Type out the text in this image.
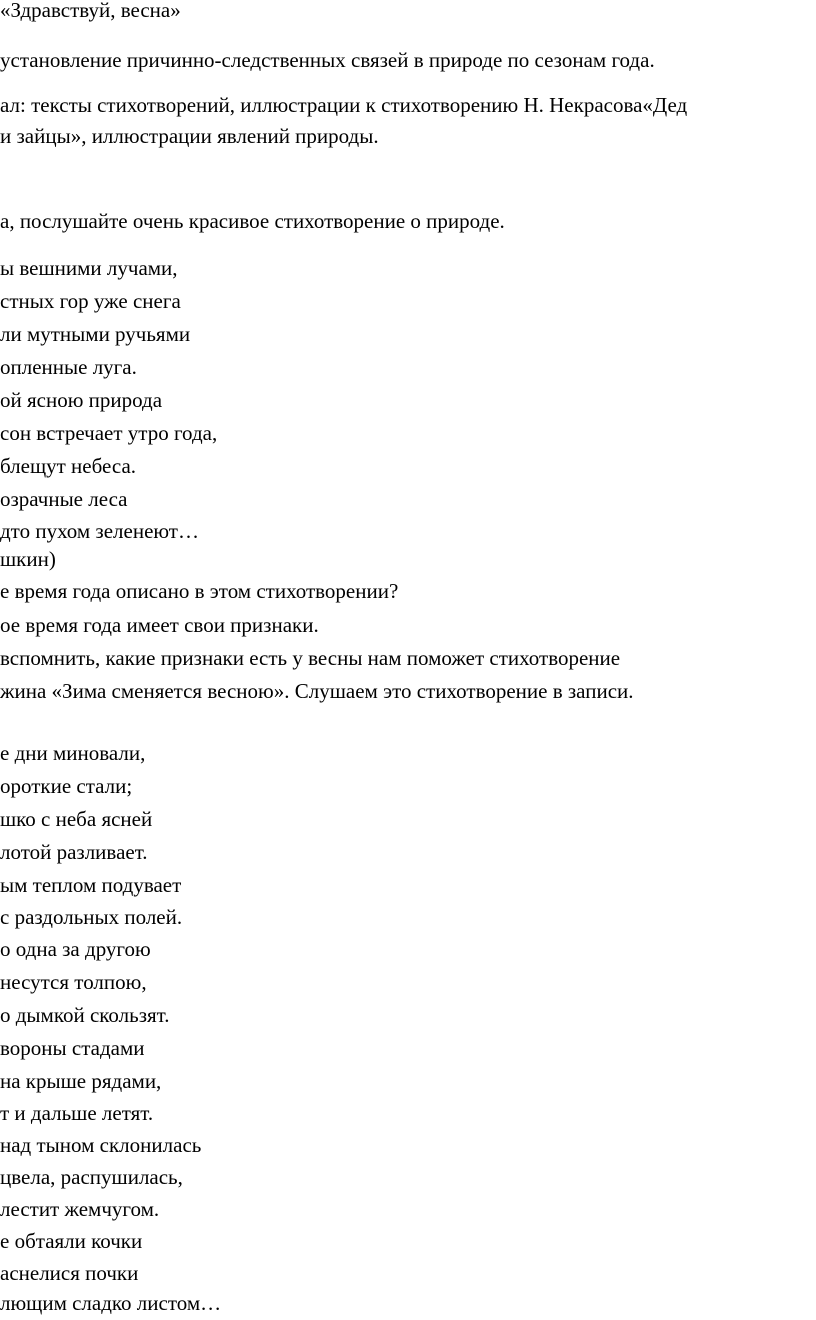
«Здравствуй, весна»
установление причинно-следственных связей в природе по сезонам года.
ал: тексты стихотворений, иллюстрации к стихотворению Н. Некрасова«Дед
и зайцы», иллюстрации явлений природы.
а, послушайте очень красивое стихотворение о природе.
ы вешними лучами,
стных гор уже снега
ли мутными ручьями
опленные луга.
ой ясною природа
сон встречает утро года,
блещут небеса.
озрачные леса
дто пухом зеленеют…
шкин)
е время года описано в этом стихотворении?
ое время года имеет свои признаки.
вспомнить, какие признаки есть у весны нам поможет стихотворение
жина «Зима сменяется весною». Слушаем это стихотворение в записи.
е дни миновали,
ороткие стали;
шко с неба ясней
лотой разливает.
ым теплом подувает
с раздольных полей.
о одна за другою
несутся толпою,
о дымкой скользят.
вороны стадами
на крыше рядами,
т и дальше летят.
над тыном склонилась
цвела, распушилась,
лестит жемчугом.
е обтаяли кочки
аснелися почки
лющим сладко листом…
